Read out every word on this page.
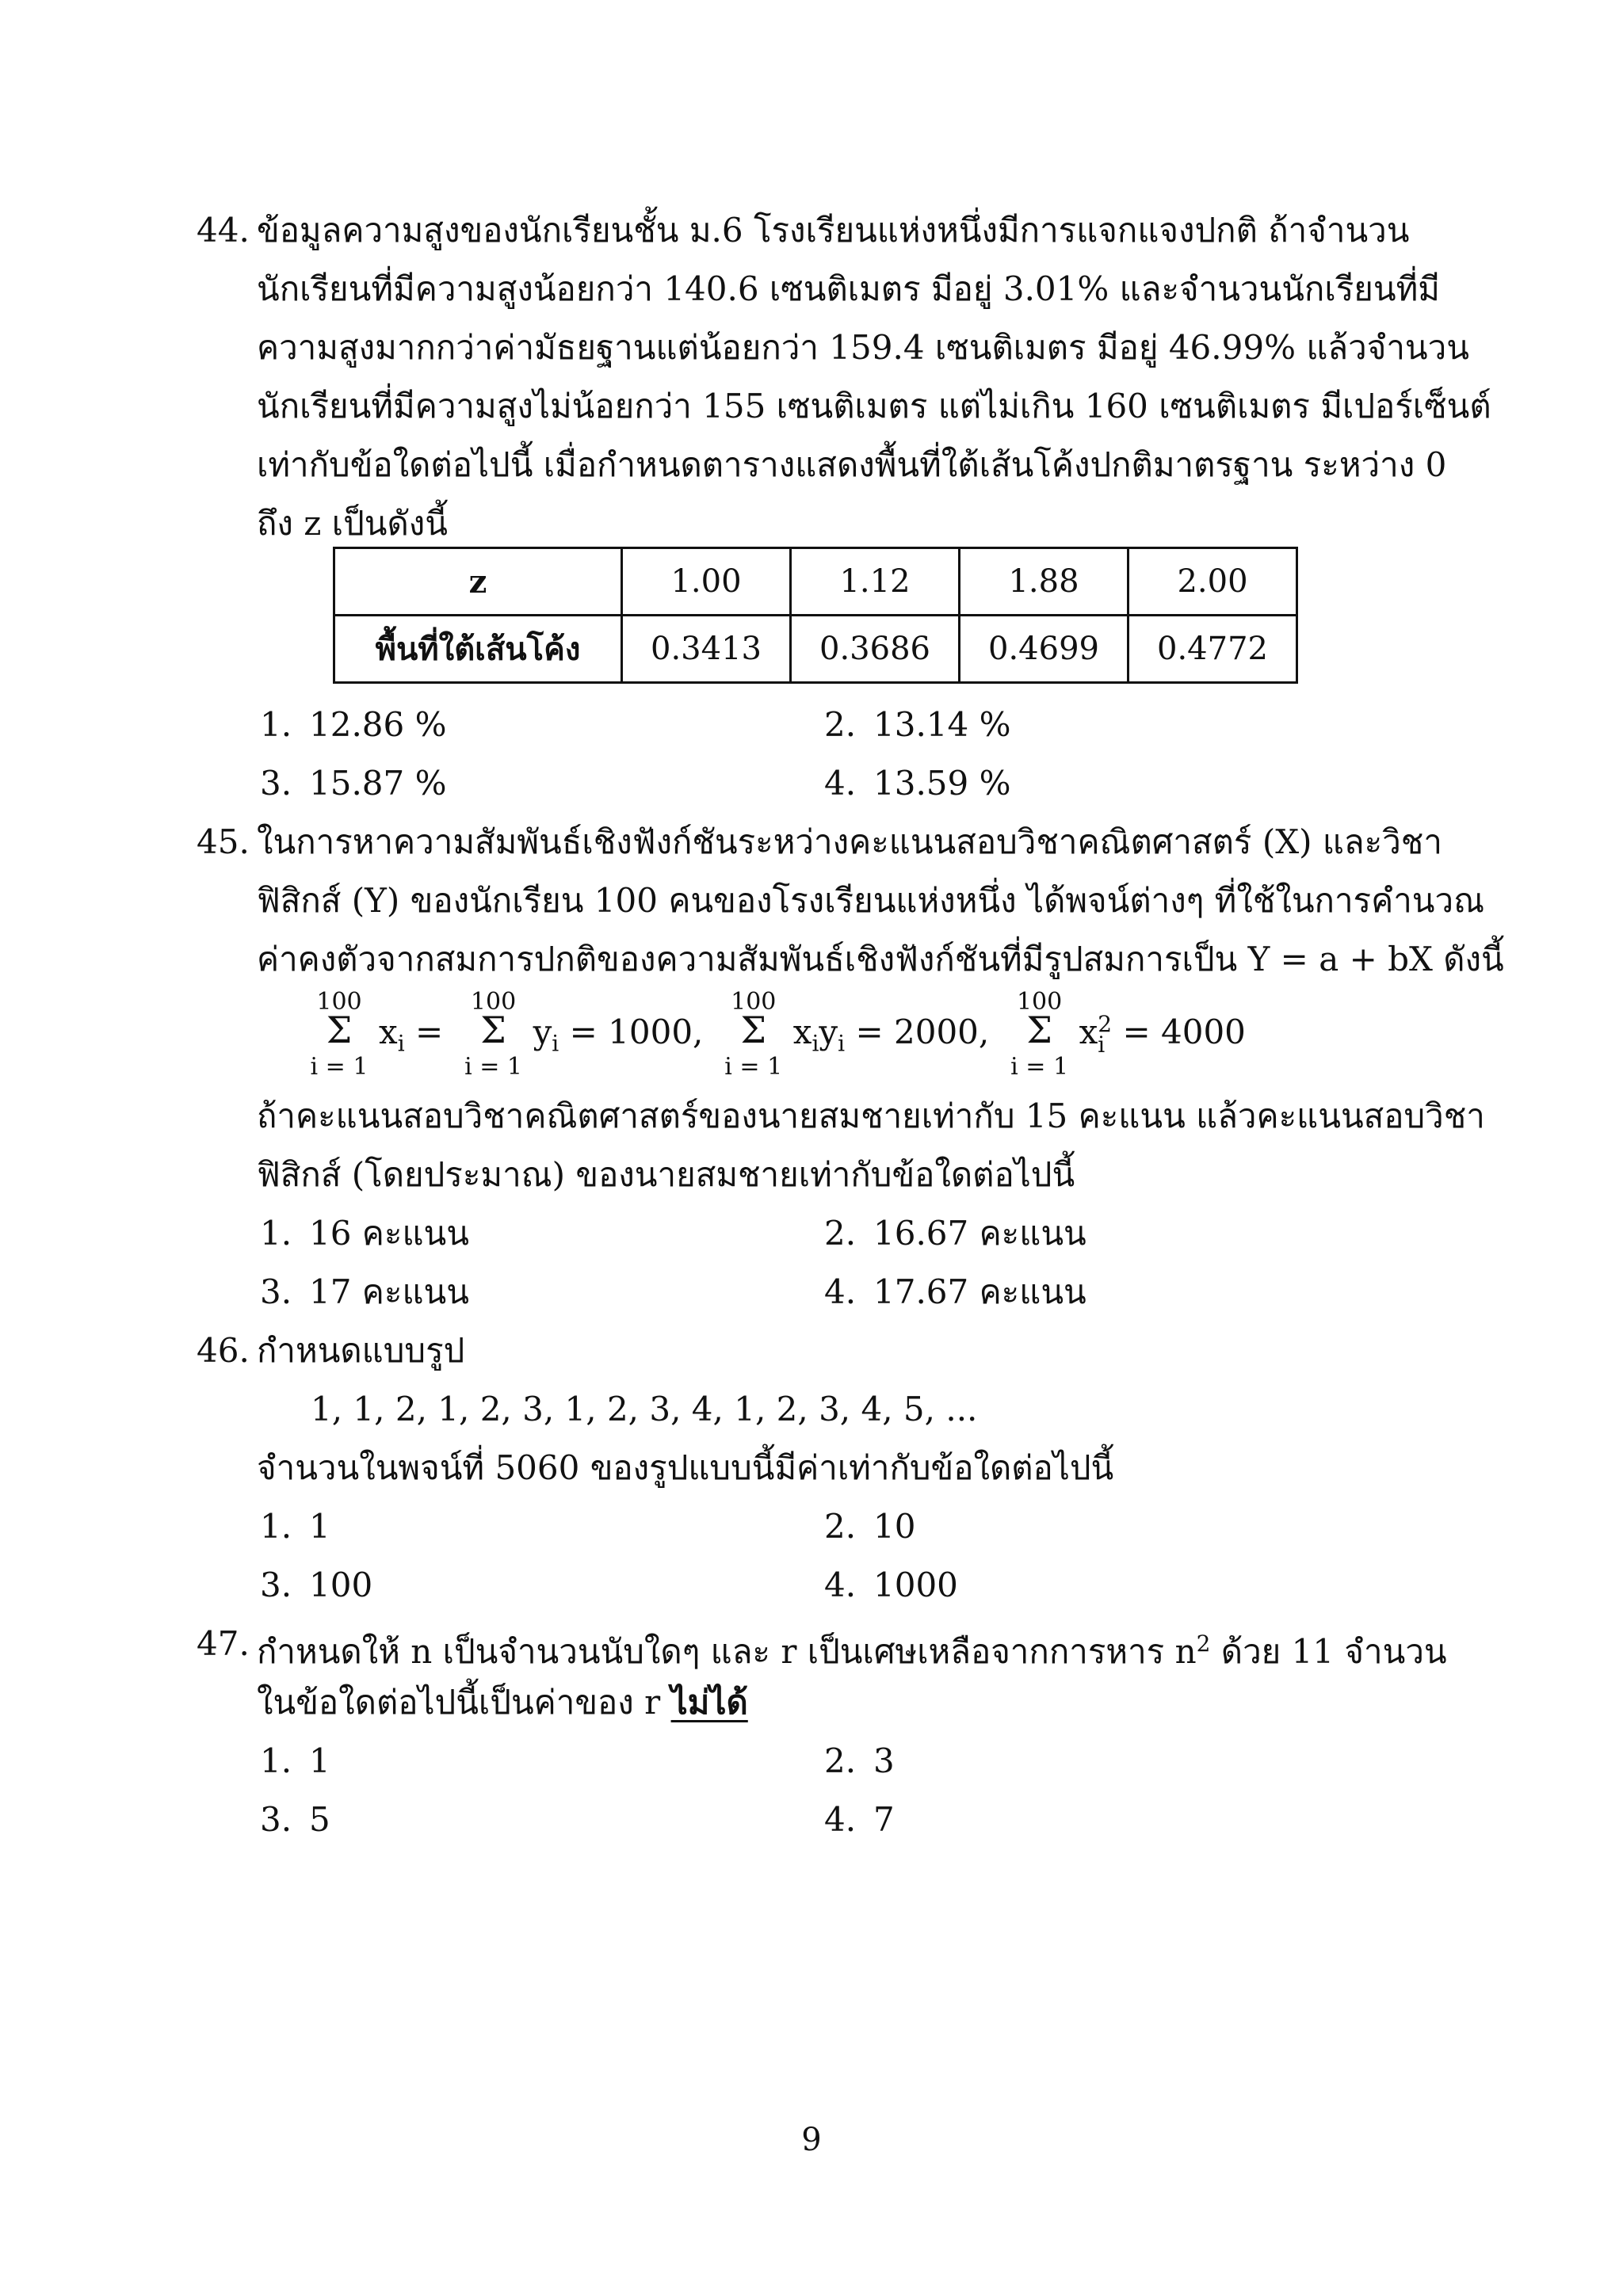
44. ข้อมูลความสูงของนักเรียนชั้น ม.6 โรงเรียนแห่งหนึ่งมีการแจกแจงปกติ ถ้าจำนวน
นักเรียนที่มีความสูงน้อยกว่า 140.6 เซนติเมตร มีอยู่ 3.01% และจำนวนนักเรียนที่มี
ความสูงมากกว่าค่ามัธยฐานแต่น้อยกว่า 159.4 เซนติเมตร มีอยู่ 46.99% แล้วจำนวน
นักเรียนที่มีความสูงไม่น้อยกว่า 155 เซนติเมตร แต่ไม่เกิน 160 เซนติเมตร มีเปอร์เซ็นต์
เท่ากับข้อใดต่อไปนี้ เมื่อกำหนดตารางแสดงพื้นที่ใต้เส้นโค้งปกติมาตรฐาน ระหว่าง 0
ถึง z เป็นดังนี้
z	1.00	1.12	1.88	2.00
พื้นที่ใต้เส้นโค้ง	0.3413	0.3686	0.4699	0.4772
1. 12.86 %	2. 13.14 %
3. 15.87 %	4. 13.59 %
45. ในการหาความสัมพันธ์เชิงฟังก์ชันระหว่างคะแนนสอบวิชาคณิตศาสตร์ (X) และวิชา
ฟิสิกส์ (Y) ของนักเรียน 100 คนของโรงเรียนแห่งหนึ่ง ได้พจน์ต่างๆ ที่ใช้ในการคำนวณ
ค่าคงตัวจากสมการปกติของความสัมพันธ์เชิงฟังก์ชันที่มีรูปสมการเป็น Y = a + bX ดังนี้
100
Σ
i = 1
$x_i$ =
100
Σ
i = 1
$y_i = 1000$,
100
Σ
i = 1
$x_iy_i = 2000$,
100
Σ
i = 1
x 2
i = 4000
ถ้าคะแนนสอบวิชาคณิตศาสตร์ของนายสมชายเท่ากับ 15 คะแนน แล้วคะแนนสอบวิชา
ฟิสิกส์ (โดยประมาณ) ของนายสมชายเท่ากับข้อใดต่อไปนี้
1. 16 คะแนน	2. 16.67 คะแนน
3. 17 คะแนน	4. 17.67 คะแนน
46. กำหนดแบบรูป
1, 1, 2, 1, 2, 3, 1, 2, 3, 4, 1, 2, 3, 4, 5, ...
จำนวนในพจน์ที่ 5060 ของรูปแบบนี้มีค่าเท่ากับข้อใดต่อไปนี้
1. 1	2. 10
3. 100	4. 1000
47. กำหนดให้ n เป็นจำนวนนับใดๆ และ r เป็นเศษเหลือจากการหาร $n^2$ ด้วย 11 จำนวน
ในข้อใดต่อไปนี้เป็นค่าของ r ไม่ได้
1. 1	2. 3
3. 5	4. 7
9
